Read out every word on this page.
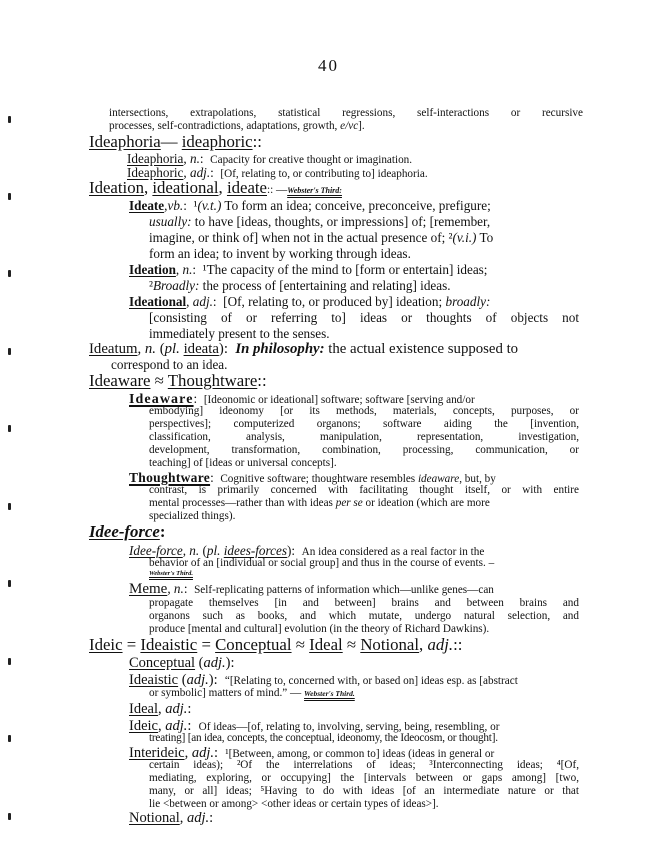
40
intersections, extrapolations, statistical regressions, self-interactions or recursive
processes, self-contradictions, adaptations, growth, e/vc].
Ideaphoria— ideaphoric::
Ideaphoria, n.:  Capacity for creative thought or imagination.
Ideaphoric, adj.:  [Of, relating to, or contributing to] ideaphoria.
Ideation, ideational, ideate:: —Webster's Third:
Ideate,vb.:  ¹(v.t.) To form an idea; conceive, preconceive, prefigure;
usually: to have [ideas, thoughts, or impressions] of; [remember,
imagine, or think of] when not in the actual presence of; ²(v.i.) To
form an idea; to invent by working through ideas.
Ideation, n.:  ¹The capacity of the mind to [form or entertain] ideas;
²Broadly: the process of [entertaining and relating] ideas.
Ideational, adj.:  [Of, relating to, or produced by] ideation; broadly:
[consisting of or referring to] ideas or thoughts of objects not
immediately present to the senses.
Ideatum, n. (pl. ideata):  In philosophy: the actual existence supposed to
correspond to an idea.
Ideaware ≈ Thoughtware::
Ideaware:  [Ideonomic or ideational] software; software [serving and/or
embodying] ideonomy [or its methods, materials, concepts, purposes, or
perspectives]; computerized organons; software aiding the [invention,
classification, analysis, manipulation, representation, investigation,
development, transformation, combination, processing, communication, or
teaching] of [ideas or universal concepts].
Thoughtware:  Cognitive software; thoughtware resembles ideaware, but, by
contrast, is primarily concerned with facilitating thought itself, or with entire
mental processes—rather than with ideas per se or ideation (which are more
specialized things).
Idee-force:
Idee-force, n. (pl. idees-forces):  An idea considered as a real factor in the
behavior of an [individual or social group] and thus in the course of events. –
Webster's Third.
Meme, n.:  Self-replicating patterns of information which—unlike genes—can
propagate themselves [in and between] brains and between brains and
organons such as books, and which mutate, undergo natural selection, and
produce [mental and cultural] evolution (in the theory of Richard Dawkins).
Ideic = Ideaistic = Conceptual ≈ Ideal ≈ Notional, adj.::
Conceptual (adj.):
Ideaistic (adj.):  “[Relating to, concerned with, or based on] ideas esp. as [abstract
or symbolic] matters of mind.” — Webster's Third.
Ideal, adj.:
Ideic, adj.:  Of ideas—[of, relating to, involving, serving, being, resembling, or
treating] [an idea, concepts, the conceptual, ideonomy, the Ideocosm, or thought].
Interideic, adj.:  ¹[Between, among, or common to] ideas (ideas in general or
certain ideas); ²Of the interrelations of ideas; ³Interconnecting ideas; ⁴[Of,
mediating, exploring, or occupying] the [intervals between or gaps among] [two,
many, or all] ideas; ⁵Having to do with ideas [of an intermediate nature or that
lie <between or among> <other ideas or certain types of ideas>].
Notional, adj.:
